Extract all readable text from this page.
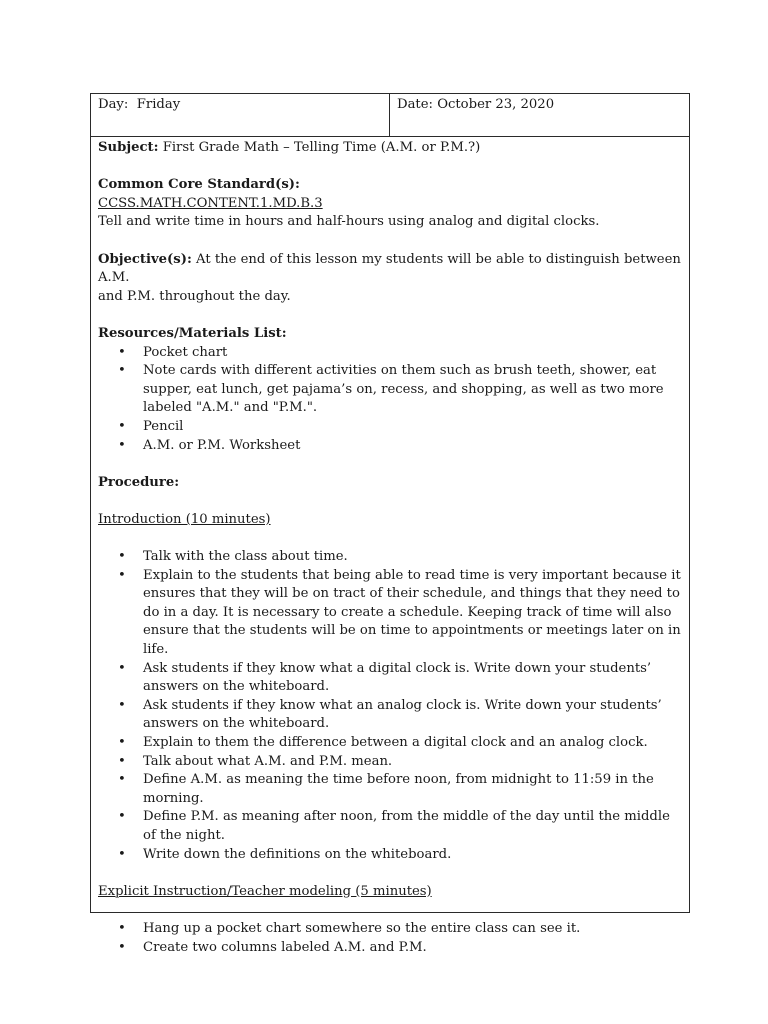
Day: Friday	Date: October 23, 2020

Subject: First Grade Math – Telling Time (A.M. or P.M.?)

Common Core Standard(s):

CCSS.MATH.CONTENT.1.MD.B.3

Tell and write time in hours and half-hours using analog and digital clocks.

Objective(s): At the end of this lesson my students will be able to distinguish between A.M.

and P.M. throughout the day.

Resources/Materials List:

• Pocket chart
• Note cards with different activities on them such as brush teeth, shower, eat supper, eat lunch, get pajama’s on, recess, and shopping, as well as two more labeled "A.M." and "P.M.".
• Pencil
• A.M. or P.M. Worksheet

Procedure:

Introduction (10 minutes)

• Talk with the class about time.
• Explain to the students that being able to read time is very important because it ensures that they will be on tract of their schedule, and things that they need to do in a day. It is necessary to create a schedule. Keeping track of time will also ensure that the students will be on time to appointments or meetings later on in life.
• Ask students if they know what a digital clock is. Write down your students’ answers on the whiteboard.
• Ask students if they know what an analog clock is. Write down your students’ answers on the whiteboard.
• Explain to them the difference between a digital clock and an analog clock.
• Talk about what A.M. and P.M. mean.
• Define A.M. as meaning the time before noon, from midnight to 11:59 in the morning.
• Define P.M. as meaning after noon, from the middle of the day until the middle of the night.
• Write down the definitions on the whiteboard.

Explicit Instruction/Teacher modeling (5 minutes)

• Hang up a pocket chart somewhere so the entire class can see it.
• Create two columns labeled A.M. and P.M.
